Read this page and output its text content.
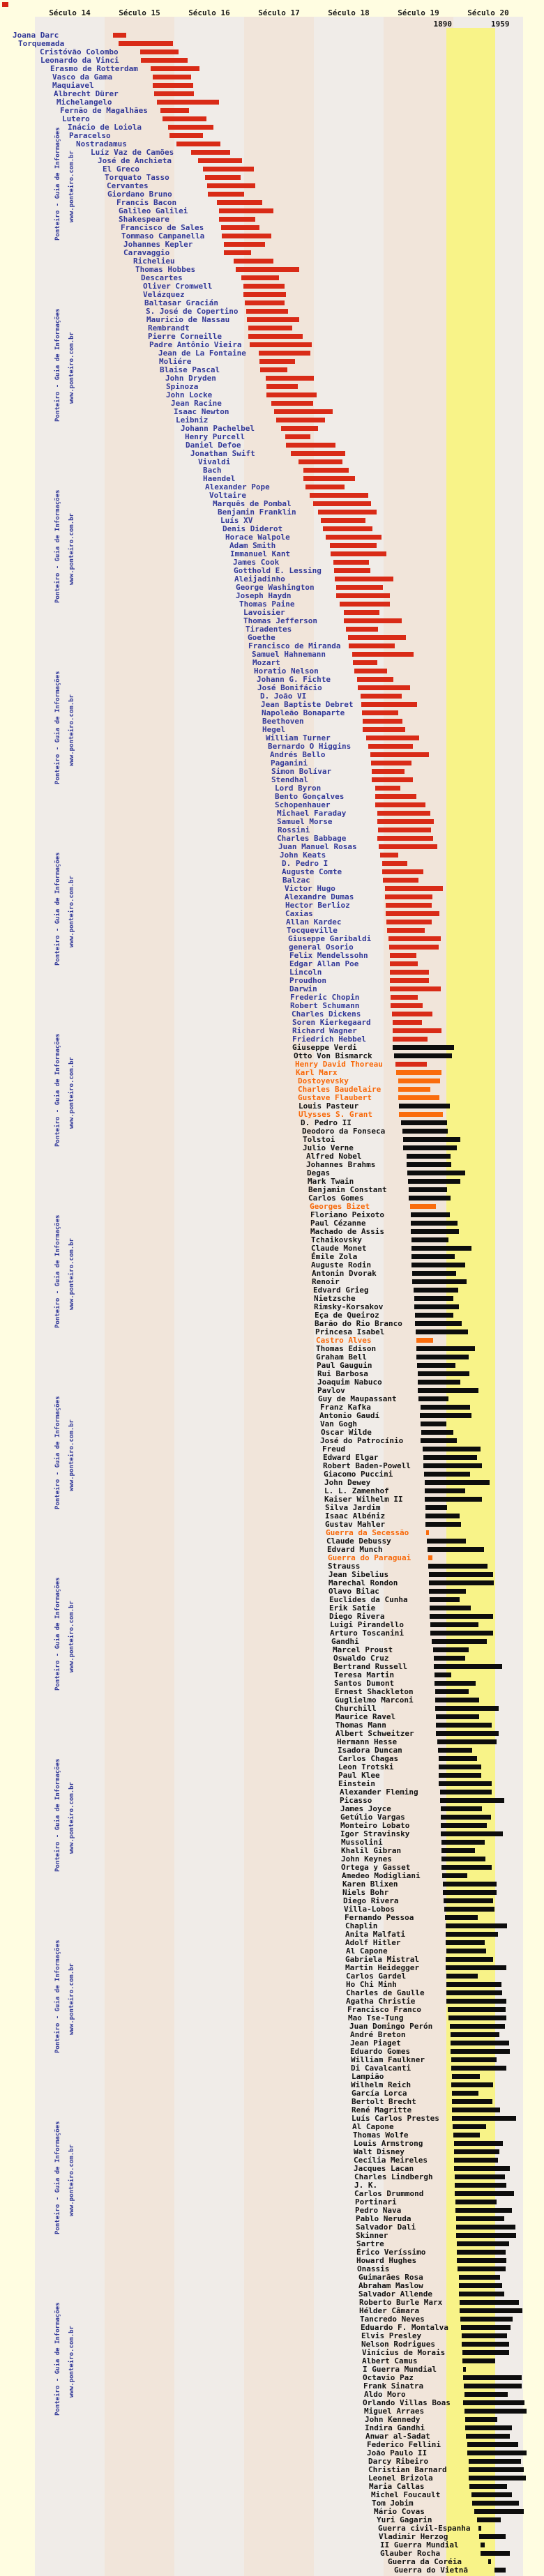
Século 14	Século 15	Século 16	Século 17	Século 18	Século 19	Século 20
1890	1959
Ponteiro - Guia de Informações www.ponteiro.com.br
Ponteiro - Guia de Informações www.ponteiro.com.br
Ponteiro - Guia de Informações www.ponteiro.com.br
Ponteiro - Guia de Informações www.ponteiro.com.br
Ponteiro - Guia de Informações www.ponteiro.com.br
Ponteiro - Guia de Informações www.ponteiro.com.br
Ponteiro - Guia de Informações www.ponteiro.com.br
Ponteiro - Guia de Informações www.ponteiro.com.br
Ponteiro - Guia de Informações www.ponteiro.com.br
Ponteiro - Guia de Informações www.ponteiro.com.br
Ponteiro - Guia de Informações www.ponteiro.com.br
Ponteiro - Guia de Informações www.ponteiro.com.br
Ponteiro - Guia de Informações www.ponteiro.com.br
Joana Darc
Torquemada
Cristóvão Colombo
Leonardo da Vinci
Erasmo de Rotterdam
Vasco da Gama
Maquiavel
Albrecht Dürer
Michelangelo
Fernão de Magalhães
Lutero
Inácio de Loiola
Paracelso
Nostradamus
Luíz Vaz de Camões
José de Anchieta
El Greco
Torquato Tasso
Cervantes
Giordano Bruno
Francis Bacon
Galileo Galilei
Shakespeare
Francisco de Sales
Tommaso Campanella
Johannes Kepler
Caravaggio
Richelieu
Thomas Hobbes
Descartes
Oliver Cromwell
Velázquez
Baltasar Gracián
S. José de Copertino
Mauricio de Nassau
Rembrandt
Pierre Corneille
Padre Antônio Vieira
Jean de La Fontaine
Moliére
Blaise Pascal
John Dryden
Spinoza
John Locke
Jean Racine
Isaac Newton
Leibniz
Johann Pachelbel
Henry Purcell
Daniel Defoe
Jonathan Swift
Vivaldi
Bach
Haendel
Alexander Pope
Voltaire
Marquês de Pombal
Benjamin Franklin
Luís XV
Denis Diderot
Horace Walpole
Adam Smith
Immanuel Kant
James Cook
Gotthold E. Lessing
Aleijadinho
George Washington
Joseph Haydn
Thomas Paine
Lavoisier
Thomas Jefferson
Tiradentes
Goethe
Francisco de Miranda
Samuel Hahnemann
Mozart
Horatio Nelson
Johann G. Fichte
José Bonifácio
D. João VI
Jean Baptiste Debret
Napoleão Bonaparte
Beethoven
Hegel
William Turner
Bernardo O Higgins
Andrés Bello
Paganini
Simon Bolívar
Stendhal
Lord Byron
Bento Gonçalves
Schopenhauer
Michael Faraday
Samuel Morse
Rossini
Charles Babbage
Juan Manuel Rosas
John Keats
D. Pedro I
Auguste Comte
Balzac
Victor Hugo
Alexandre Dumas
Hector Berlioz
Caxias
Allan Kardec
Tocqueville
Giuseppe Garibaldi
general Osorio
Felix Mendelssohn
Edgar Allan Poe
Lincoln
Proudhon
Darwin
Frederic Chopin
Robert Schumann
Charles Dickens
Soren Kierkegaard
Richard Wagner
Friedrich Hebbel
Giuseppe Verdi
Otto Von Bismarck
Henry David Thoreau
Karl Marx
Dostoyevsky
Charles Baudelaire
Gustave Flaubert
Louis Pasteur
Ulysses S. Grant
D. Pedro II
Deodoro da Fonseca
Tolstoi
Julio Verne
Alfred Nobel
Johannes Brahms
Degas
Mark Twain
Benjamin Constant
Carlos Gomes
Georges Bizet
Floriano Peixoto
Paul Cézanne
Machado de Assis
Tchaikovsky
Claude Monet
Émile Zola
Auguste Rodin
Antonin Dvorak
Renoir
Edvard Grieg
Nietzsche
Rimsky-Korsakov
Eça de Queiroz
Barão do Rio Branco
Princesa Isabel
Castro Alves
Thomas Edison
Graham Bell
Paul Gauguin
Rui Barbosa
Joaquim Nabuco
Pavlov
Guy de Maupassant
Franz Kafka
Antonio Gaudí
Van Gogh
Oscar Wilde
José do Patrocínio
Freud
Edward Elgar
Robert Baden-Powell
Giacomo Puccini
John Dewey
L. L. Zamenhof
Kaiser Wilhelm II
Silva Jardim
Isaac Albéniz
Gustav Mahler
Guerra da Secessão
Claude Debussy
Edvard Munch
Guerra do Paraguai
Strauss
Jean Sibelius
Marechal Rondon
Olavo Bilac
Euclides da Cunha
Erik Satie
Diego Rivera
Luigi Pirandello
Arturo Toscanini
Gandhi
Marcel Proust
Oswaldo Cruz
Bertrand Russell
Teresa Martin
Santos Dumont
Ernest Shackleton
Guglielmo Marconi
Churchill
Maurice Ravel
Thomas Mann
Albert Schweitzer
Hermann Hesse
Isadora Duncan
Carlos Chagas
Leon Trotski
Paul Klee
Einstein
Alexander Fleming
Picasso
James Joyce
Getúlio Vargas
Monteiro Lobato
Igor Stravinsky
Mussolini
Khalil Gibran
John Keynes
Ortega y Gasset
Amedeo Modigliani
Karen Blixen
Niels Bohr
Diego Rivera
Villa-Lobos
Fernando Pessoa
Chaplin
Anita Malfati
Adolf Hitler
Al Capone
Gabriela Mistral
Martin Heidegger
Carlos Gardel
Ho Chi Minh
Charles de Gaulle
Agatha Christie
Francisco Franco
Mao Tse-Tung
Juan Domingo Perón
André Breton
Jean Piaget
Eduardo Gomes
William Faulkner
Di Cavalcanti
Lampião
Wilhelm Reich
García Lorca
Bertolt Brecht
René Magritte
Luís Carlos Prestes
Al Capone
Thomas Wolfe
Louis Armstrong
Walt Disney
Cecília Meireles
Jacques Lacan
Charles Lindbergh
J. K.
Carlos Drummond
Portinari
Pedro Nava
Pablo Neruda
Salvador Dali
Skinner
Sartre
Érico Veríssimo
Howard Hughes
Onassis
Guimarães Rosa
Abraham Maslow
Salvador Allende
Roberto Burle Marx
Hélder Câmara
Tancredo Neves
Eduardo F. Montalva
Elvis Presley
Nelson Rodrigues
Vinícius de Morais
Albert Camus
I Guerra Mundial
Octavio Paz
Frank Sinatra
Aldo Moro
Orlando Villas Boas
Miguel Arraes
John Kennedy
Indira Gandhi
Anwar al-Sadat
Federico Fellini
João Paulo II
Darcy Ribeiro
Christian Barnard
Leonel Brizola
Maria Callas
Michel Foucault
Tom Jobim
Mário Covas
Yuri Gagarin
Guerra civil-Espanha
Vladimir Herzog
II Guerra Mundial
Glauber Rocha
Guerra da Coréia
Guerra do Vietnã
